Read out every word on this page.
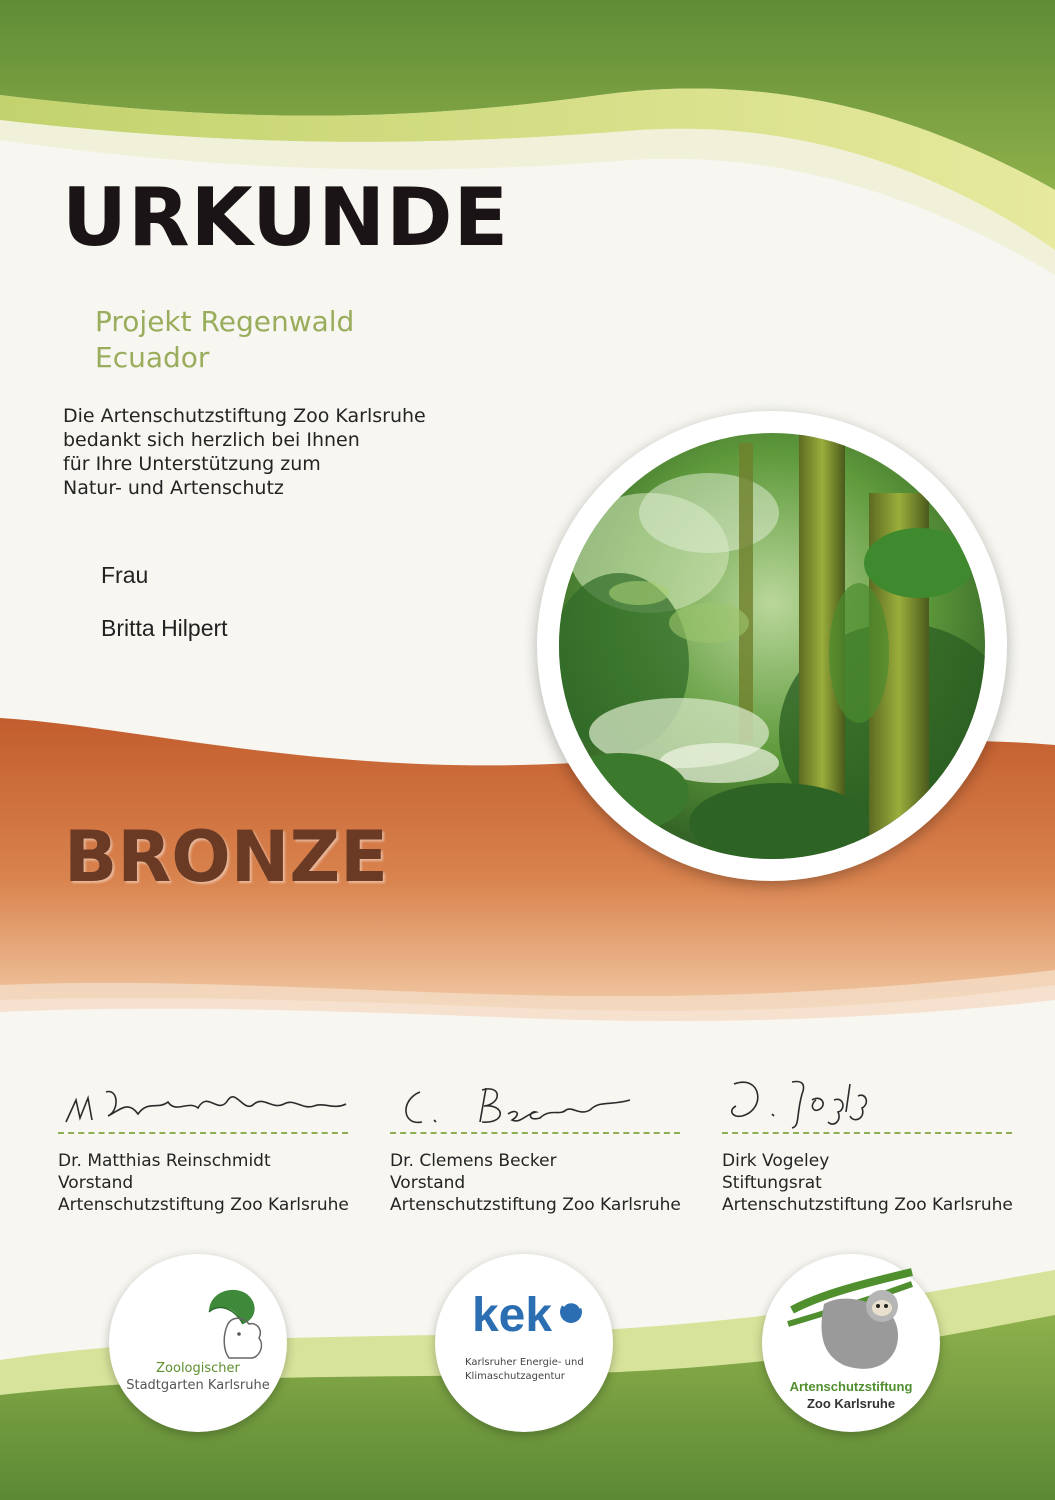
URKUNDE
Projekt Regenwald
Ecuador
Die Artenschutzstiftung Zoo Karlsruhe
bedankt sich herzlich bei Ihnen
für Ihre Unterstützung zum
Natur- und Artenschutz
Frau
Britta Hilpert
BRONZE
Dr. Matthias Reinschmidt
Vorstand
Artenschutzstiftung Zoo Karlsruhe
Dr. Clemens Becker
Vorstand
Artenschutzstiftung Zoo Karlsruhe
Dirk Vogeley
Stiftungsrat
Artenschutzstiftung Zoo Karlsruhe
Zoologischer
Stadtgarten Karlsruhe
kek
Karlsruher Energie- und
Klimaschutzagentur
Artenschutzstiftung
Zoo Karlsruhe
